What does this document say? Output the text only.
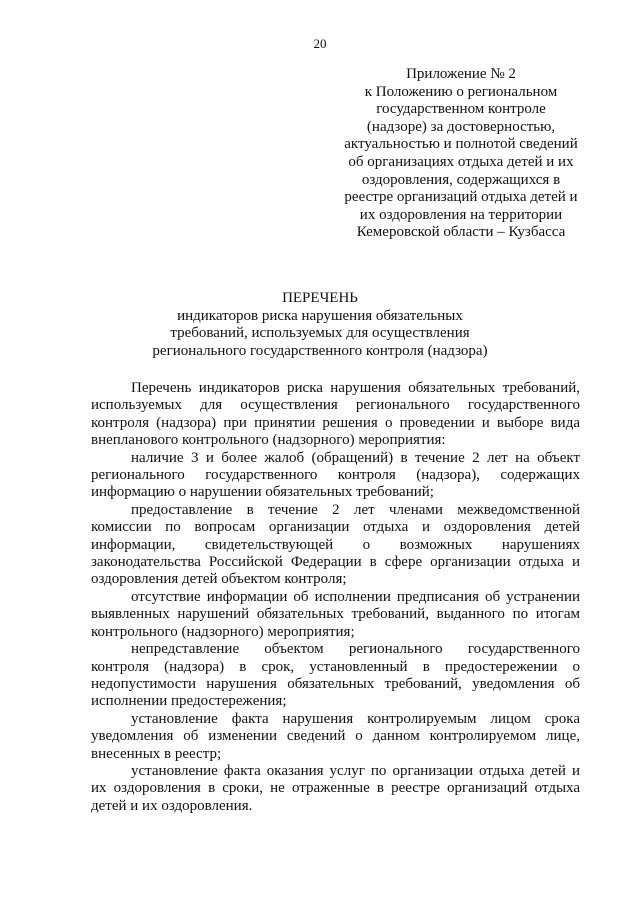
20
Приложение № 2
к Положению о региональном
государственном контроле
(надзоре) за достоверностью,
актуальностью и полнотой сведений
об организациях отдыха детей и их
оздоровления, содержащихся в
реестре организаций отдыха детей и
их оздоровления на территории
Кемеровской области – Кузбасса
ПЕРЕЧЕНЬ
индикаторов риска нарушения обязательных
требований, используемых для осуществления
регионального государственного контроля (надзора)
Перечень индикаторов риска нарушения обязательных требований,
используемых для осуществления регионального государственного
контроля (надзора) при принятии решения о проведении и выборе вида
внепланового контрольного (надзорного) мероприятия:
наличие 3 и более жалоб (обращений) в течение 2 лет на объект
регионального государственного контроля (надзора), содержащих
информацию о нарушении обязательных требований;
предоставление в течение 2 лет членами межведомственной
комиссии по вопросам организации отдыха и оздоровления детей
информации, свидетельствующей о возможных нарушениях
законодательства Российской Федерации в сфере организации отдыха и
оздоровления детей объектом контроля;
отсутствие информации об исполнении предписания об устранении
выявленных нарушений обязательных требований, выданного по итогам
контрольного (надзорного) мероприятия;
непредставление объектом регионального государственного
контроля (надзора) в срок, установленный в предостережении о
недопустимости нарушения обязательных требований, уведомления об
исполнении предостережения;
установление факта нарушения контролируемым лицом срока
уведомления об изменении сведений о данном контролируемом лице,
внесенных в реестр;
установление факта оказания услуг по организации отдыха детей и
их оздоровления в сроки, не отраженные в реестре организаций отдыха
детей и их оздоровления.
